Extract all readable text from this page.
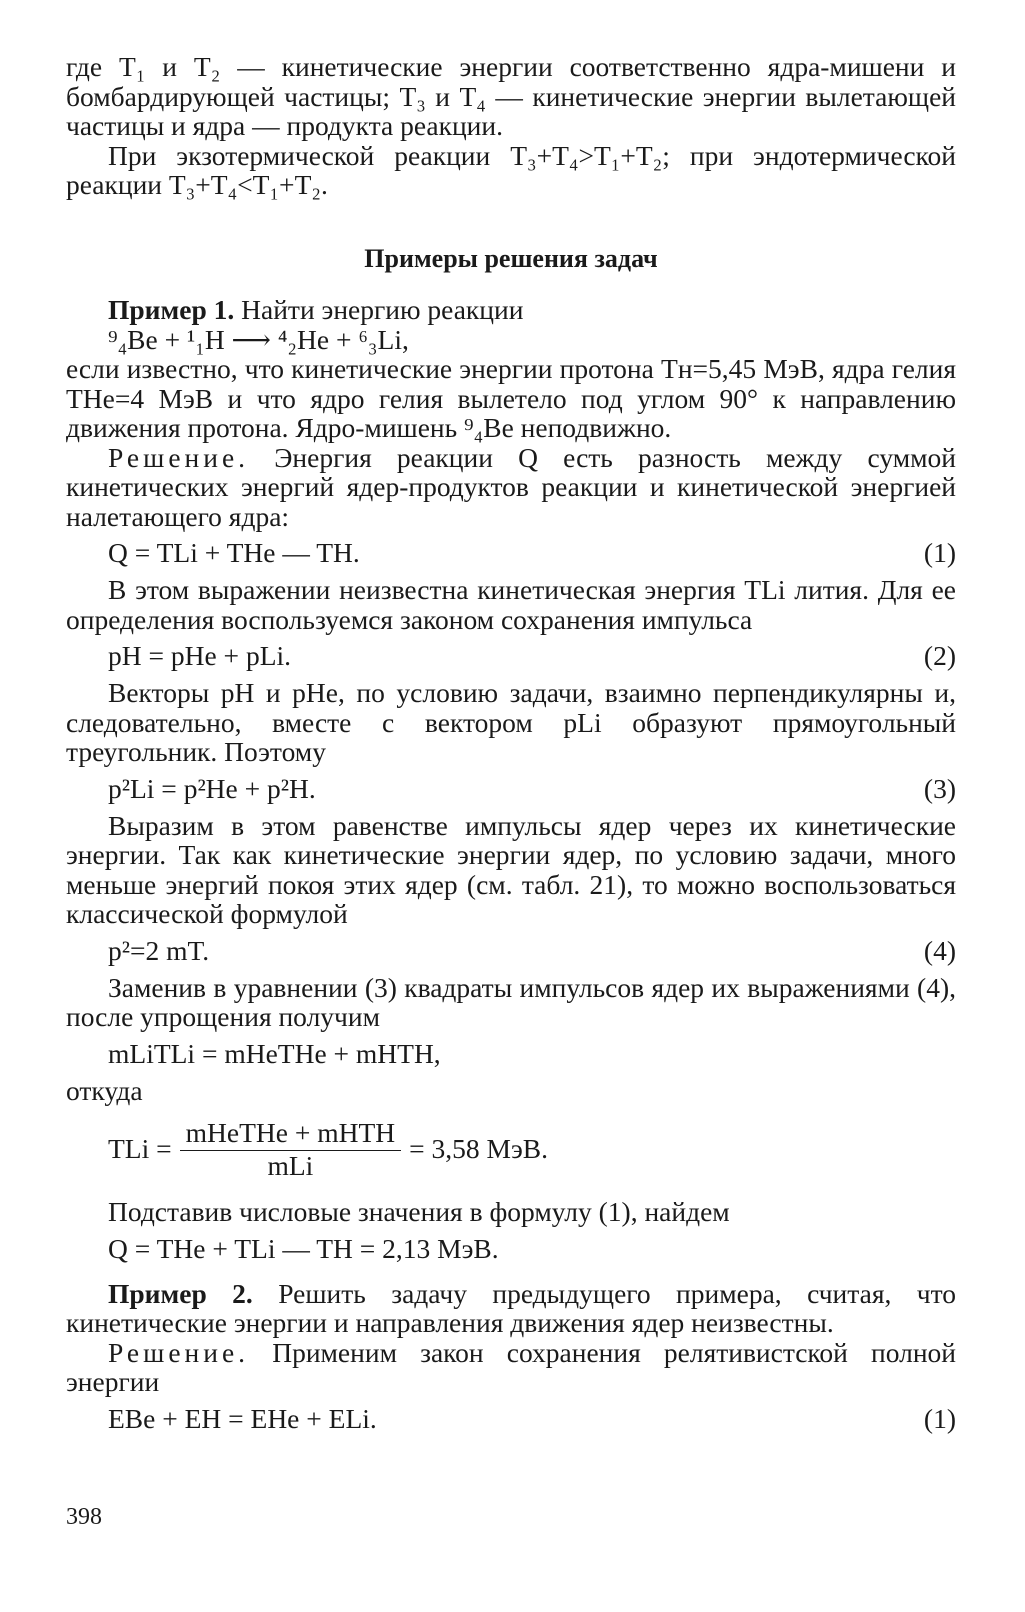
где T₁ и T₂ — кинетические энергии соответственно ядра-мишени и бомбардирующей частицы; T₃ и T₄ — кинетические энергии вылетающей частицы и ядра — продукта реакции.

При экзотермической реакции T₃+T₄>T₁+T₂; при эндотермической реакции T₃+T₄<T₁+T₂.

Примеры решения задач

Пример 1. Найти энергию реакции

⁹₄Be + ¹₁H ⟶ ⁴₂He + ⁶₃Li,

если известно, что кинетические энергии протона Tн=5,45 МэВ, ядра гелия THe=4 МэВ и что ядро гелия вылетело под углом 90° к направлению движения протона. Ядро-мишень ⁹₄Be неподвижно.

Решение. Энергия реакции Q есть разность между суммой кинетических энергий ядер-продуктов реакции и кинетической энергией налетающего ядра:

Q = TLi + THe — TH.	(1)

В этом выражении неизвестна кинетическая энергия TLi лития. Для ее определения воспользуемся законом сохранения импульса

pH = pHe + pLi.	(2)

Векторы pH и pHe, по условию задачи, взаимно перпендикулярны и, следовательно, вместе с вектором pLi образуют прямоугольный треугольник. Поэтому

p²Li = p²He + p²H.	(3)

Выразим в этом равенстве импульсы ядер через их кинетические энергии. Так как кинетические энергии ядер, по условию задачи, много меньше энергий покоя этих ядер (см. табл. 21), то можно воспользоваться классической формулой

p²=2 mT.	(4)

Заменив в уравнении (3) квадраты импульсов ядер их выражениями (4), после упрощения получим

mLiTLi = mHeTHe + mHTH,

откуда

TLi = $\frac{\text{mHeTHe + mHTH}}{\text{mLi}} = 3,58$ МэВ.

Подставив числовые значения в формулу (1), найдем

Q = THe + TLi — TH = 2,13 МэВ.

Пример 2. Решить задачу предыдущего примера, считая, что кинетические энергии и направления движения ядер неизвестны.

Решение. Применим закон сохранения релятивистской полной энергии

EBe + EH = EHe + ELi.	(1)
398
